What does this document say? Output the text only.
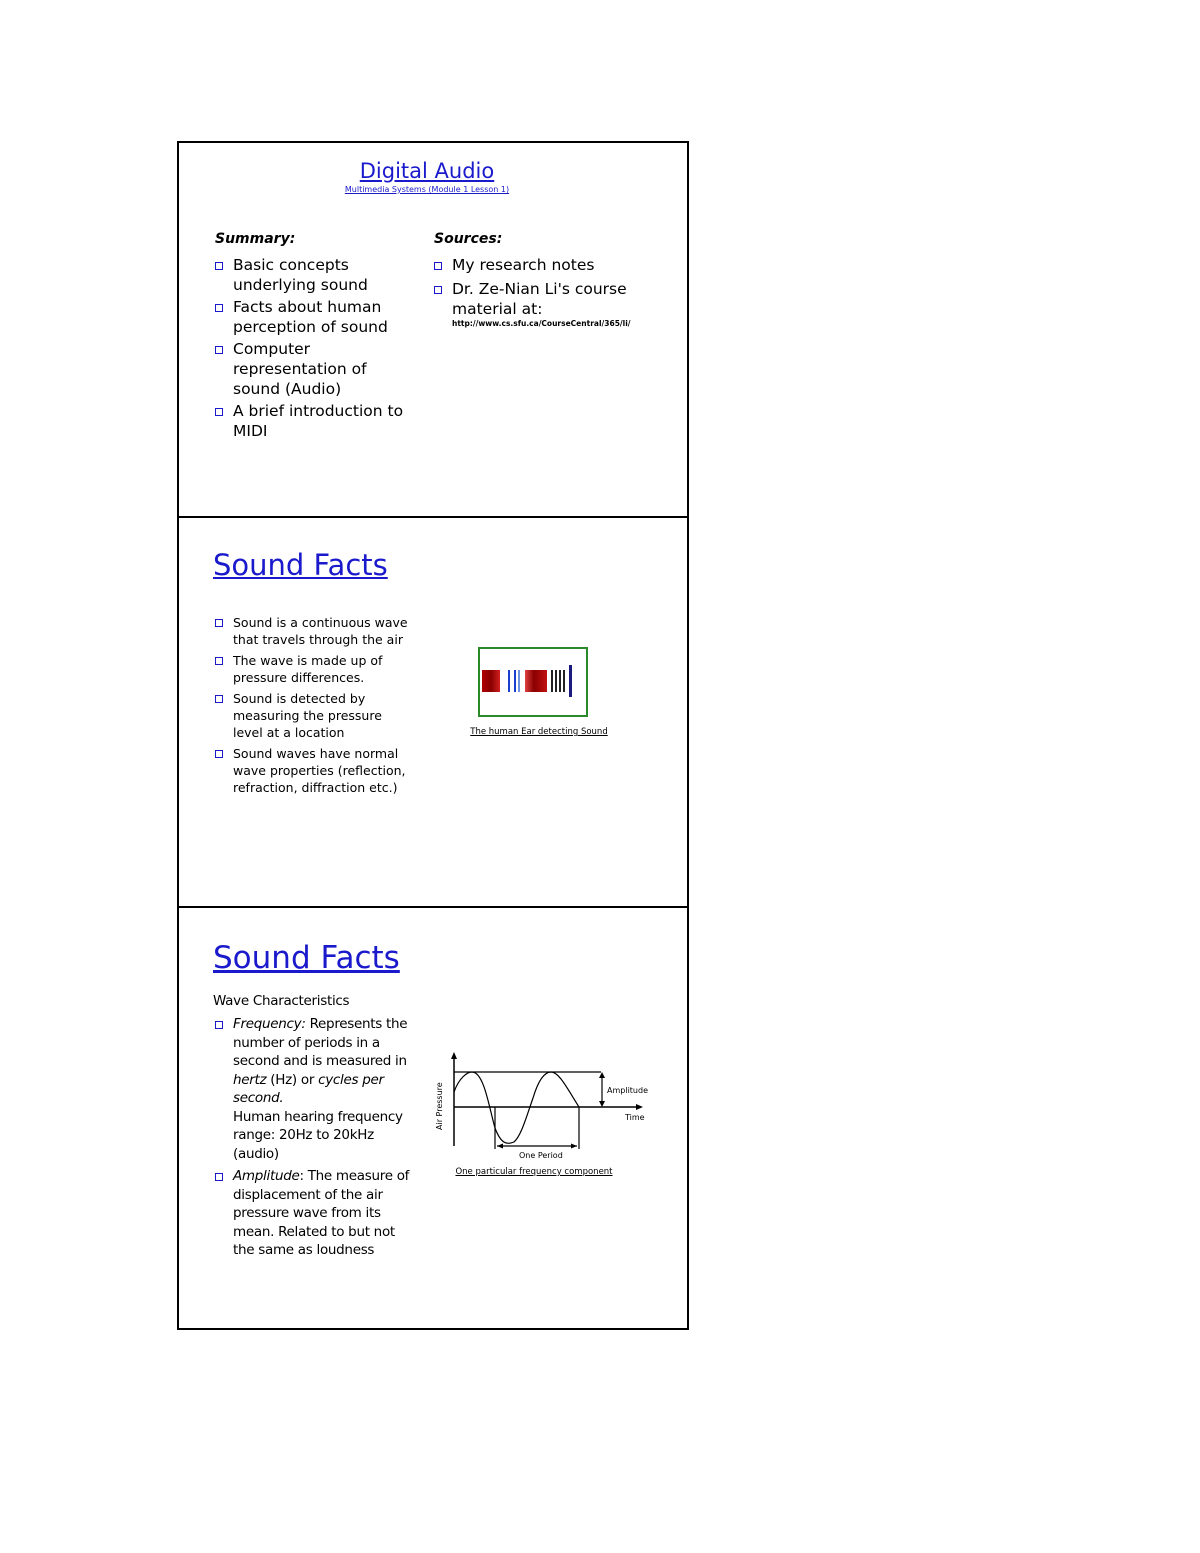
Digital Audio
Multimedia Systems (Module 1 Lesson 1)
Summary:
Basic concepts underlying sound
Facts about human perception of sound
Computer representation of sound (Audio)
A brief introduction to MIDI
Sources:
My research notes
Dr. Ze-Nian Li's course material at:
http://www.cs.sfu.ca/CourseCentral/365/li/
Sound Facts
Sound is a continuous wave that travels through the air
The wave is made up of pressure differences.
Sound is detected by measuring the pressure level at a location
Sound waves have normal wave properties (reflection, refraction, diffraction etc.)
The human Ear detecting Sound
Sound Facts
Wave Characteristics
Frequency: Represents the number of periods in a second and is measured in hertz (Hz) or cycles per second.
Human hearing frequency range: 20Hz to 20kHz (audio)
Amplitude: The measure of displacement of the air pressure wave from its mean. Related to but not the same as loudness
Amplitude
Time
One Period
Air Pressure
One particular frequency component
